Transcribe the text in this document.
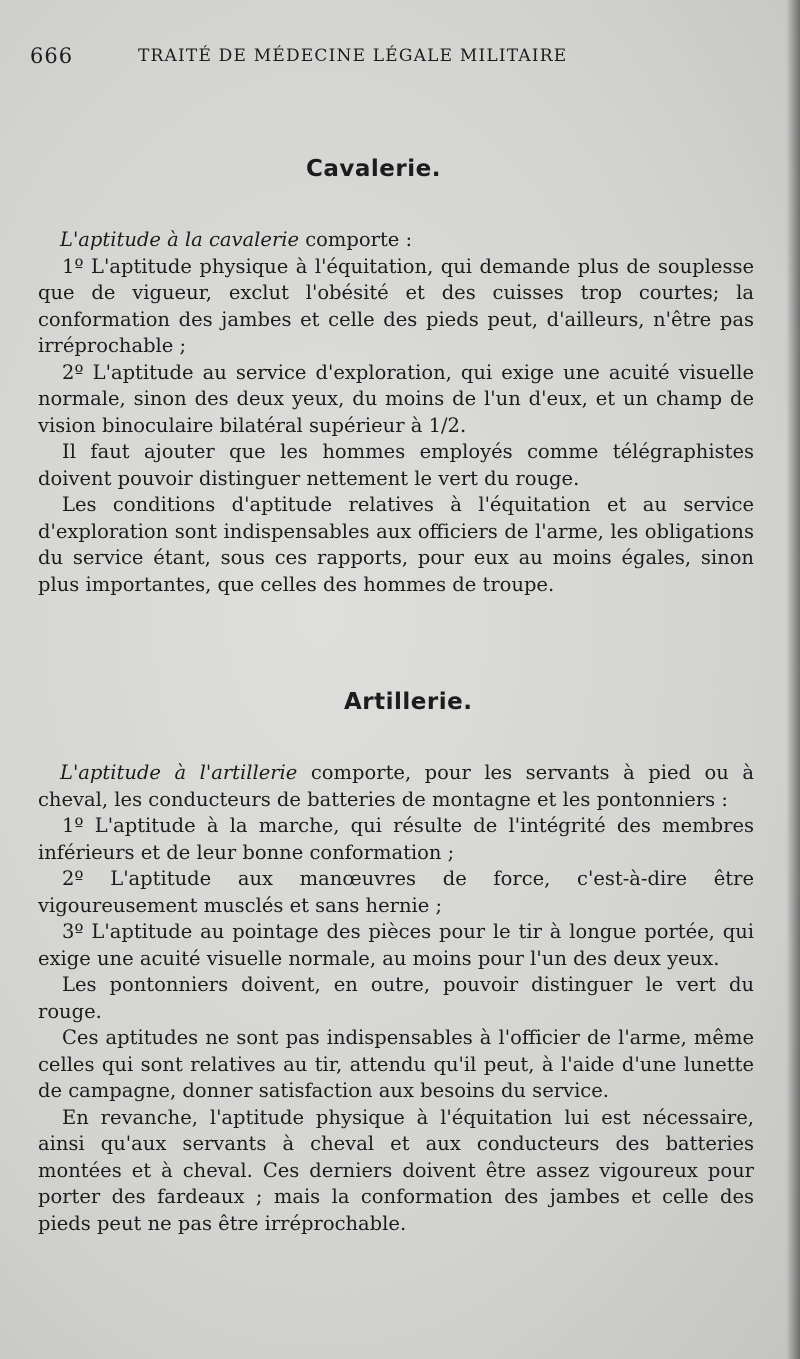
666	TRAITÉ DE MÉDECINE LÉGALE MILITAIRE
Cavalerie.

L'aptitude à la cavalerie comporte :

1º L'aptitude physique à l'équitation, qui demande plus de souplesse que de vigueur, exclut l'obésité et des cuisses trop courtes; la conformation des jambes et celle des pieds peut, d'ailleurs, n'être pas irréprochable ;

2º L'aptitude au service d'exploration, qui exige une acuité visuelle normale, sinon des deux yeux, du moins de l'un d'eux, et un champ de vision binoculaire bilatéral supérieur à 1/2.

Il faut ajouter que les hommes employés comme télégraphistes doivent pouvoir distinguer nettement le vert du rouge.

Les conditions d'aptitude relatives à l'équitation et au service d'exploration sont indispensables aux officiers de l'arme, les obligations du service étant, sous ces rapports, pour eux au moins égales, sinon plus importantes, que celles des hommes de troupe.

Artillerie.

L'aptitude à l'artillerie comporte, pour les servants à pied ou à cheval, les conducteurs de batteries de montagne et les pontonniers :

1º L'aptitude à la marche, qui résulte de l'intégrité des membres inférieurs et de leur bonne conformation ;

2º L'aptitude aux manœuvres de force, c'est-à-dire être vigoureusement musclés et sans hernie ;

3º L'aptitude au pointage des pièces pour le tir à longue portée, qui exige une acuité visuelle normale, au moins pour l'un des deux yeux.

Les pontonniers doivent, en outre, pouvoir distinguer le vert du rouge.

Ces aptitudes ne sont pas indispensables à l'officier de l'arme, même celles qui sont relatives au tir, attendu qu'il peut, à l'aide d'une lunette de campagne, donner satisfaction aux besoins du service.

En revanche, l'aptitude physique à l'équitation lui est nécessaire, ainsi qu'aux servants à cheval et aux conducteurs des batteries montées et à cheval. Ces derniers doivent être assez vigoureux pour porter des fardeaux ; mais la conformation des jambes et celle des pieds peut ne pas être irréprochable.
